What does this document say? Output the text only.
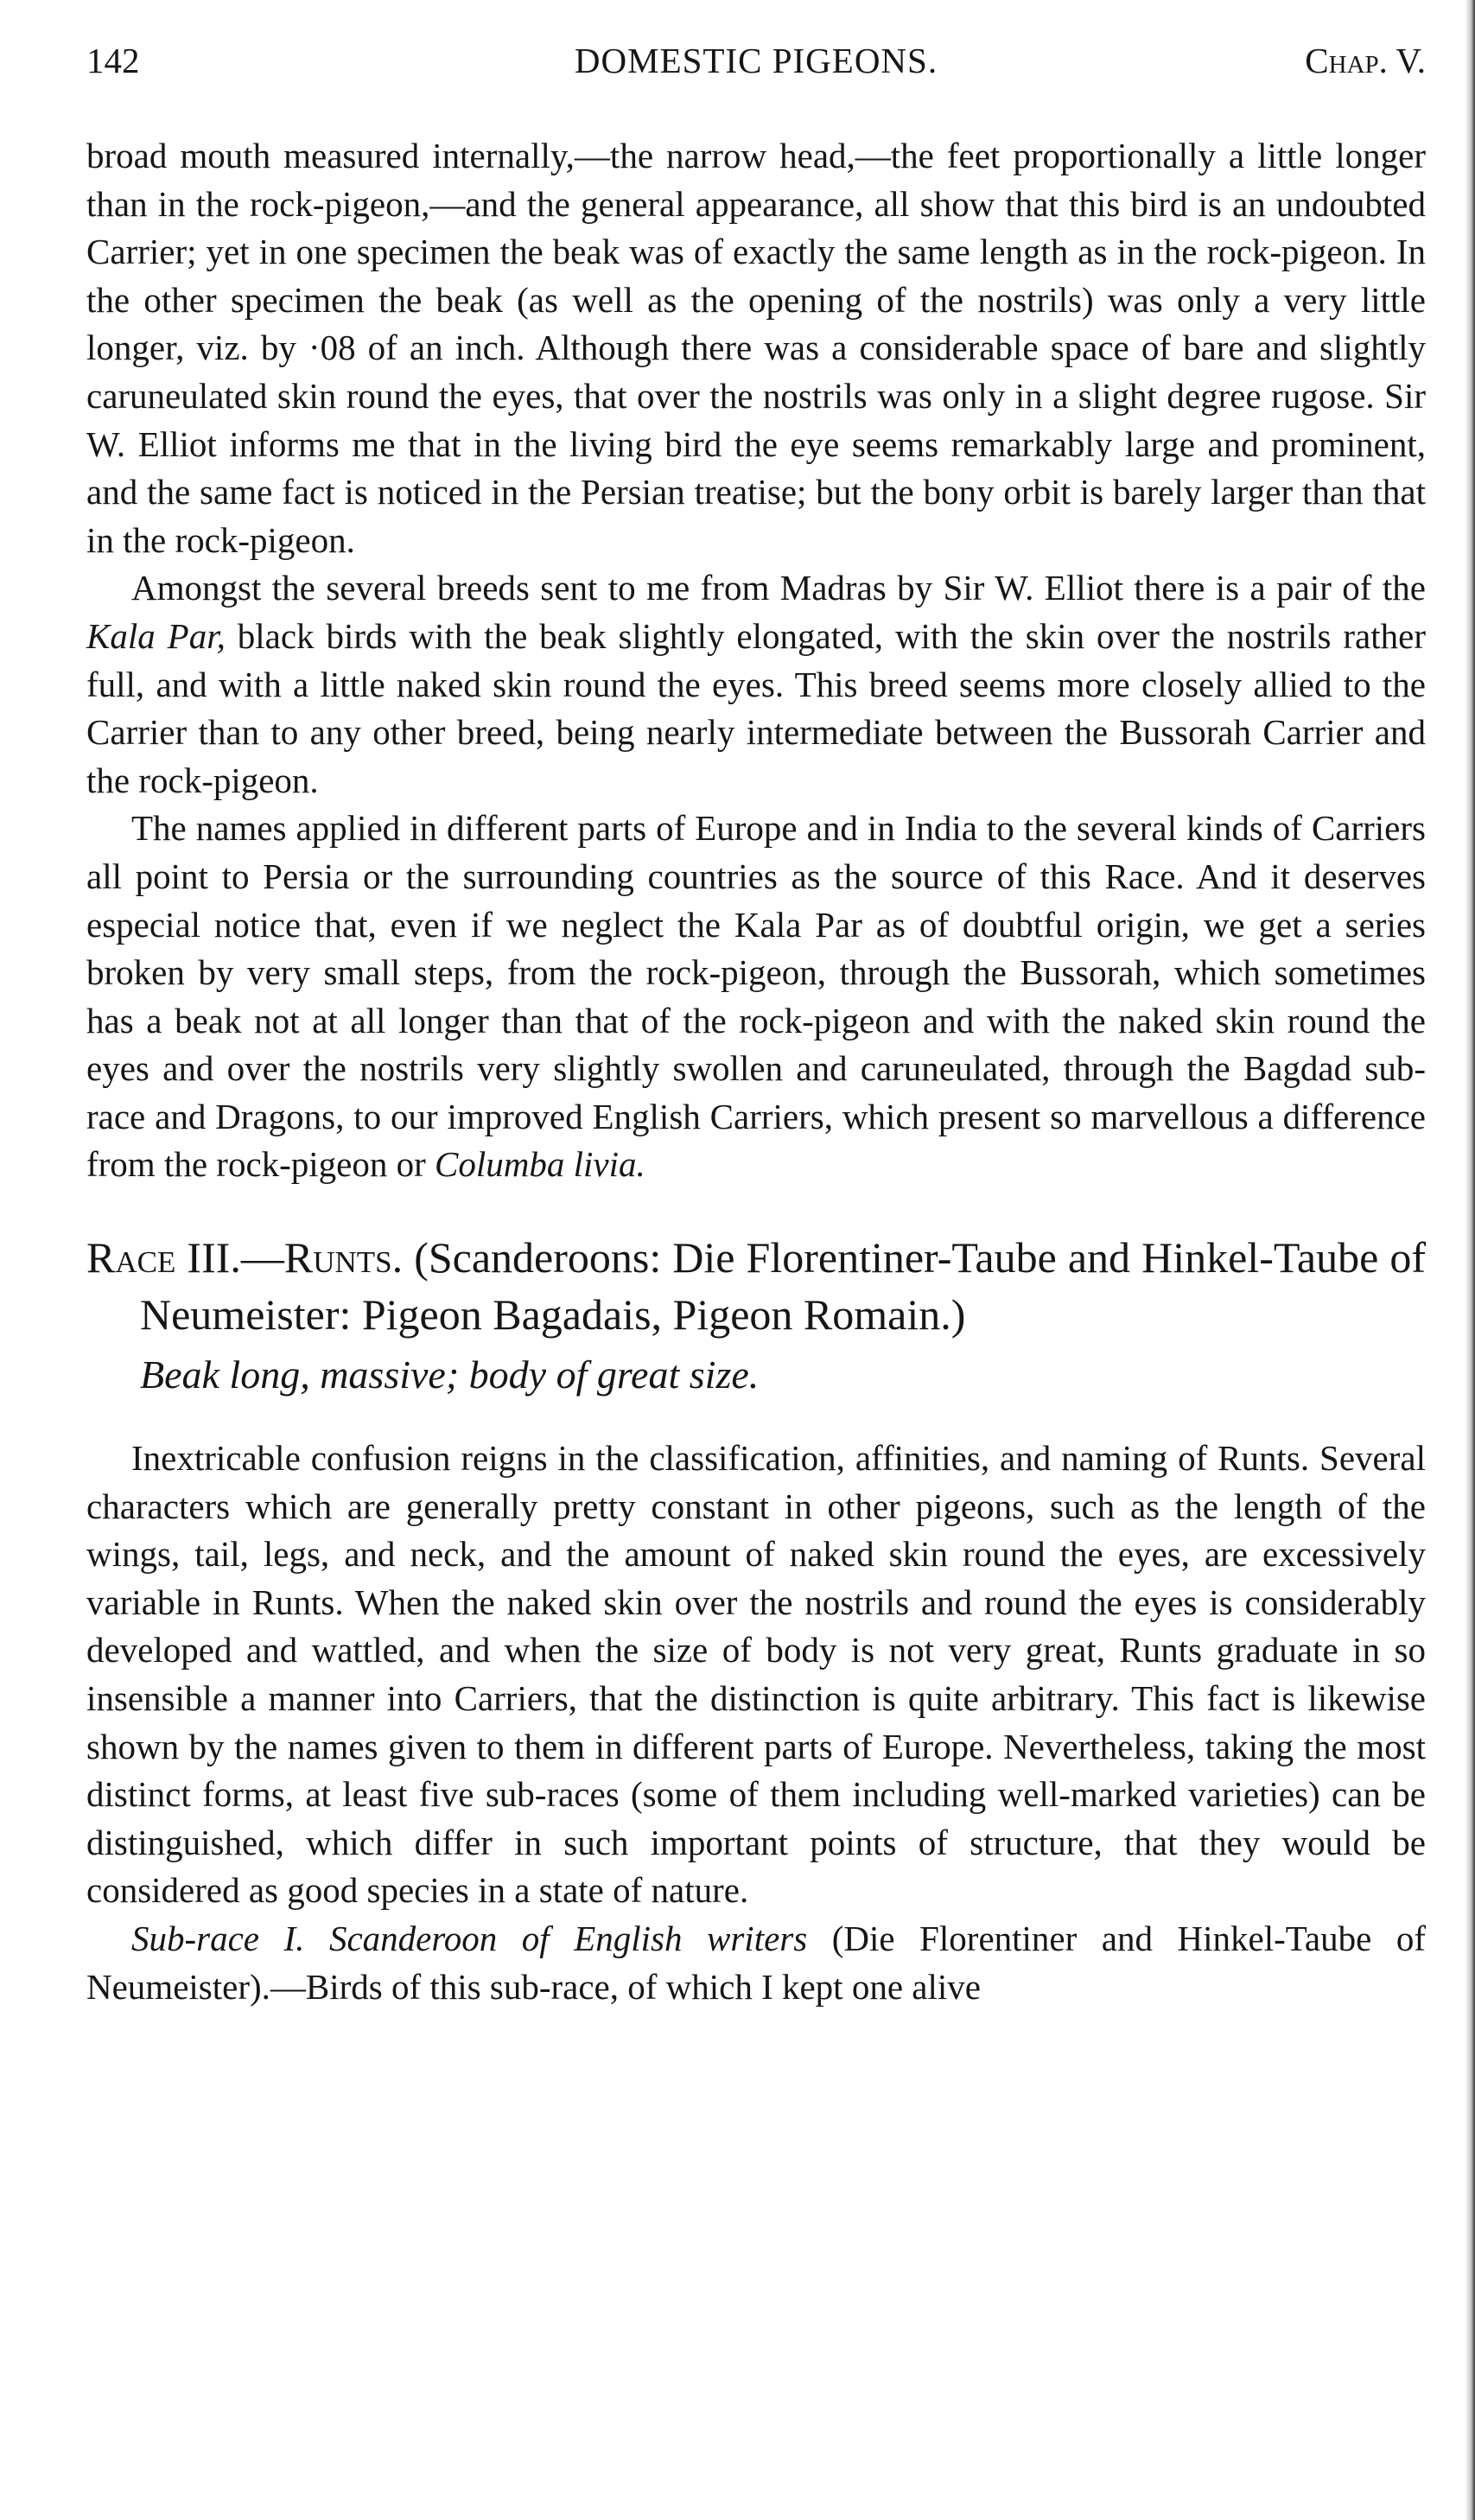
142	DOMESTIC PIGEONS.	Chap. V.

broad mouth measured internally,—the narrow head,—the feet proportionally a little longer than in the rock-pigeon,—and the general appearance, all show that this bird is an undoubted Carrier; yet in one specimen the beak was of exactly the same length as in the rock-pigeon. In the other specimen the beak (as well as the opening of the nostrils) was only a very little longer, viz. by ·08 of an inch. Although there was a considerable space of bare and slightly caruneulated skin round the eyes, that over the nostrils was only in a slight degree rugose. Sir W. Elliot informs me that in the living bird the eye seems remarkably large and prominent, and the same fact is noticed in the Persian treatise; but the bony orbit is barely larger than that in the rock-pigeon.

Amongst the several breeds sent to me from Madras by Sir W. Elliot there is a pair of the Kala Par, black birds with the beak slightly elongated, with the skin over the nostrils rather full, and with a little naked skin round the eyes. This breed seems more closely allied to the Carrier than to any other breed, being nearly intermediate between the Bussorah Carrier and the rock-pigeon.

The names applied in different parts of Europe and in India to the several kinds of Carriers all point to Persia or the surrounding countries as the source of this Race. And it deserves especial notice that, even if we neglect the Kala Par as of doubtful origin, we get a series broken by very small steps, from the rock-pigeon, through the Bussorah, which sometimes has a beak not at all longer than that of the rock-pigeon and with the naked skin round the eyes and over the nostrils very slightly swollen and caruneulated, through the Bagdad sub-race and Dragons, to our improved English Carriers, which present so marvellous a difference from the rock-pigeon or Columba livia.

Race III.—Runts. (Scanderoons: Die Florentiner-Taube and Hinkel-Taube of Neumeister: Pigeon Bagadais, Pigeon Romain.)
Beak long, massive; body of great size.

Inextricable confusion reigns in the classification, affinities, and naming of Runts. Several characters which are generally pretty constant in other pigeons, such as the length of the wings, tail, legs, and neck, and the amount of naked skin round the eyes, are excessively variable in Runts. When the naked skin over the nostrils and round the eyes is considerably developed and wattled, and when the size of body is not very great, Runts graduate in so insensible a manner into Carriers, that the distinction is quite arbitrary. This fact is likewise shown by the names given to them in different parts of Europe. Nevertheless, taking the most distinct forms, at least five sub-races (some of them including well-marked varieties) can be distinguished, which differ in such important points of structure, that they would be considered as good species in a state of nature.

Sub-race I. Scanderoon of English writers (Die Florentiner and Hinkel-Taube of Neumeister).—Birds of this sub-race, of which I kept one alive
